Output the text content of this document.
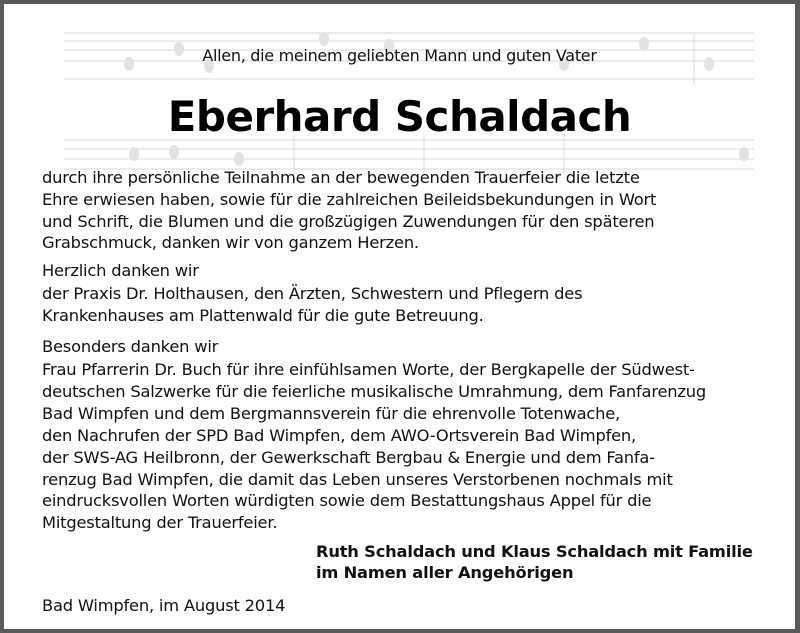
Allen, die meinem geliebten Mann und guten Vater
Eberhard Schaldach
durch ihre persönliche Teilnahme an der bewegenden Trauerfeier die letzte
Ehre erwiesen haben, sowie für die zahlreichen Beileidsbekundungen in Wort
und Schrift, die Blumen und die großzügigen Zuwendungen für den späteren
Grabschmuck, danken wir von ganzem Herzen.
Herzlich danken wir
der Praxis Dr. Holthausen, den Ärzten, Schwestern und Pflegern des
Krankenhauses am Plattenwald für die gute Betreuung.
Besonders danken wir
Frau Pfarrerin Dr. Buch für ihre einfühlsamen Worte, der Bergkapelle der Südwest-
deutschen Salzwerke für die feierliche musikalische Umrahmung, dem Fanfarenzug
Bad Wimpfen und dem Bergmannsverein für die ehrenvolle Totenwache,
den Nachrufen der SPD Bad Wimpfen, dem AWO-Ortsverein Bad Wimpfen,
der SWS-AG Heilbronn, der Gewerkschaft Bergbau & Energie und dem Fanfa-
renzug Bad Wimpfen, die damit das Leben unseres Verstorbenen nochmals mit
eindrucksvollen Worten würdigten sowie dem Bestattungshaus Appel für die
Mitgestaltung der Trauerfeier.
Ruth Schaldach und Klaus Schaldach mit Familie
im Namen aller Angehörigen
Bad Wimpfen, im August 2014
